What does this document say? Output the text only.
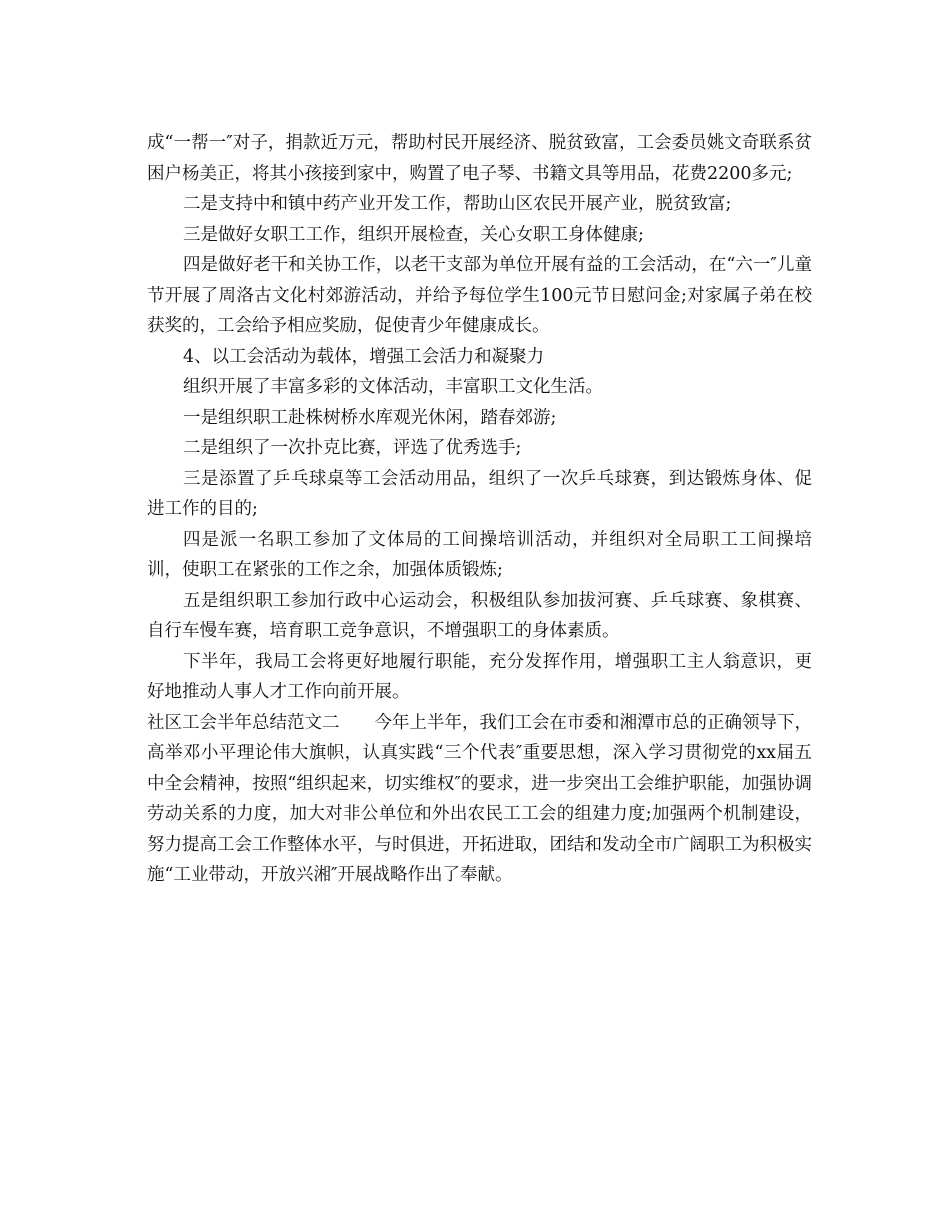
成“一帮一″对子，捐款近万元，帮助村民开展经济、脱贫致富，工会委员姚文奇联系贫困户杨美正，将其小孩接到家中，购置了电子琴、书籍文具等用品，花费2200多元;

二是支持中和镇中药产业开发工作，帮助山区农民开展产业，脱贫致富;

三是做好女职工工作，组织开展检查，关心女职工身体健康;

四是做好老干和关协工作，以老干支部为单位开展有益的工会活动，在“六一″儿童节开展了周洛古文化村郊游活动，并给予每位学生100元节日慰问金;对家属子弟在校获奖的，工会给予相应奖励，促使青少年健康成长。

4、以工会活动为载体，增强工会活力和凝聚力

组织开展了丰富多彩的文体活动，丰富职工文化生活。

一是组织职工赴株树桥水库观光休闲，踏春郊游;

二是组织了一次扑克比赛，评选了优秀选手;

三是添置了乒乓球桌等工会活动用品，组织了一次乒乓球赛，到达锻炼身体、促进工作的目的;

四是派一名职工参加了文体局的工间操培训活动，并组织对全局职工工间操培训，使职工在紧张的工作之余，加强体质锻炼;

五是组织职工参加行政中心运动会，积极组队参加拔河赛、乒乓球赛、象棋赛、自行车慢车赛，培育职工竞争意识，不增强职工的身体素质。

下半年，我局工会将更好地履行职能，充分发挥作用，增强职工主人翁意识，更好地推动人事人才工作向前开展。

社区工会半年总结范文二　　今年上半年，我们工会在市委和湘潭市总的正确领导下，高举邓小平理论伟大旗帜，认真实践“三个代表″重要思想，深入学习贯彻党的xx届五中全会精神，按照“组织起来，切实维权″的要求，进一步突出工会维护职能，加强协调劳动关系的力度，加大对非公单位和外出农民工工会的组建力度;加强两个机制建设，努力提高工会工作整体水平，与时俱进，开拓进取，团结和发动全市广阔职工为积极实施“工业带动，开放兴湘″开展战略作出了奉献。
